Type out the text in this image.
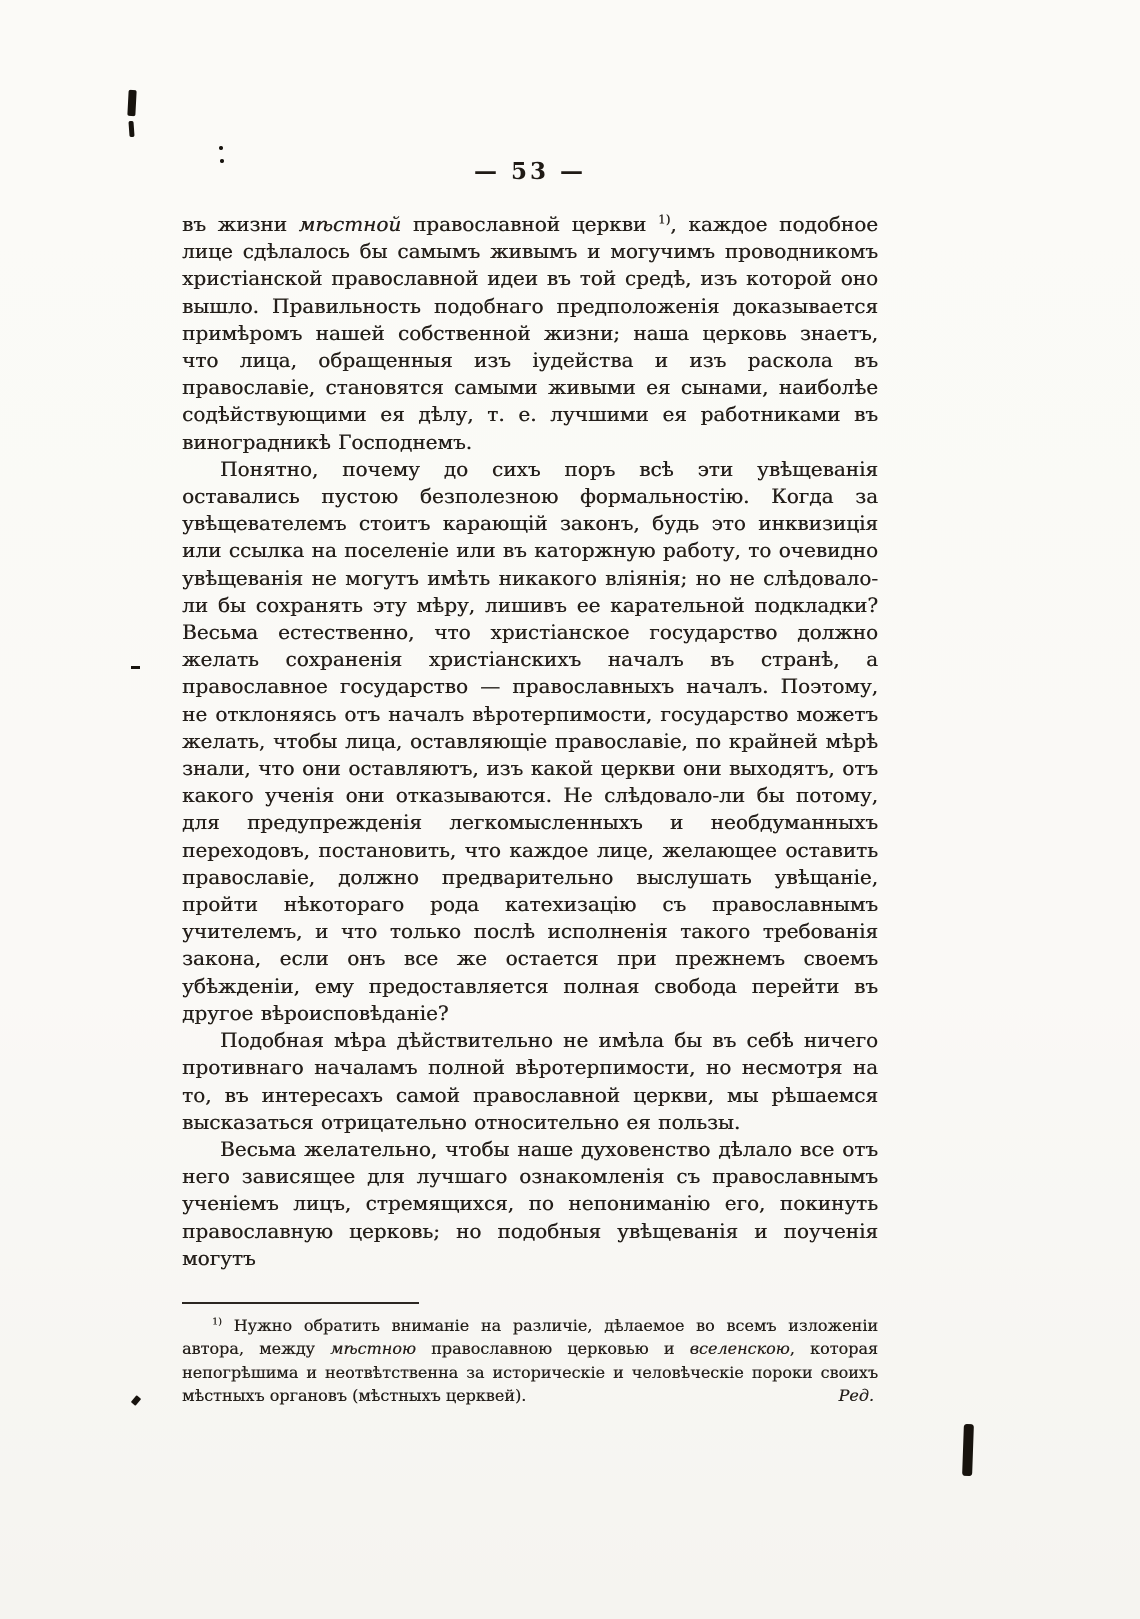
— 53 —

въ жизни мѣстной православной церкви $^{1)}$, каждое подобное лице сдѣлалось бы самымъ живымъ и могучимъ проводникомъ христіанской православной идеи въ той средѣ, изъ которой оно вышло. Правильность подобнаго предположенія доказывается примѣромъ нашей собственной жизни; наша церковь знаетъ, что лица, обращенныя изъ іудейства и изъ раскола въ православіе, становятся самыми живыми ея сынами, наиболѣе содѣйствующими ея дѣлу, т. е. лучшими ея работниками въ виноградникѣ Господнемъ.

Понятно, почему до сихъ поръ всѣ эти увѣщеванія оставались пустою безполезною формальностію. Когда за увѣщевателемъ стоитъ карающій законъ, будь это инквизиція или ссылка на поселеніе или въ каторжную работу, то очевидно увѣщеванія не могутъ имѣть никакого вліянія; но не слѣдовало-ли бы сохранять эту мѣру, лишивъ ее карательной подкладки? Весьма естественно, что христіанское государство должно желать сохраненія христіанскихъ началъ въ странѣ, а православное государство — православныхъ началъ. Поэтому, не отклоняясь отъ началъ вѣротерпимости, государство можетъ желать, чтобы лица, оставляющіе православіе, по крайней мѣрѣ знали, что они оставляютъ, изъ какой церкви они выходятъ, отъ какого ученія они отказываются. Не слѣдовало-ли бы потому, для предупрежденія легкомысленныхъ и необдуманныхъ переходовъ, постановить, что каждое лице, желающее оставить православіе, должно предварительно выслушать увѣщаніе, пройти нѣкотораго рода катехизацію съ православнымъ учителемъ, и что только послѣ исполненія такого требованія закона, если онъ все же остается при прежнемъ своемъ убѣжденіи, ему предоставляется полная свобода перейти въ другое вѣроисповѣданіе?

Подобная мѣра дѣйствительно не имѣла бы въ себѣ ничего противнаго началамъ полной вѣротерпимости, но несмотря на то, въ интересахъ самой православной церкви, мы рѣшаемся высказаться отрицательно относительно ея пользы.

Весьма желательно, чтобы наше духовенство дѣлало все отъ него зависящее для лучшаго ознакомленія съ православнымъ ученіемъ лицъ, стремящихся, по непониманію его, покинуть православную церковь; но подобныя увѣщеванія и поученія могутъ

$^{1)}$ Нужно обратить вниманіе на различіе, дѣлаемое во всемъ изложеніи автора, между мѣстною православною церковью и вселенскою, которая непогрѣшима и неотвѣтственна за историческіе и человѣческіе пороки своихъ мѣстныхъ органовъ (мѣстныхъ церквей).	Ред.
